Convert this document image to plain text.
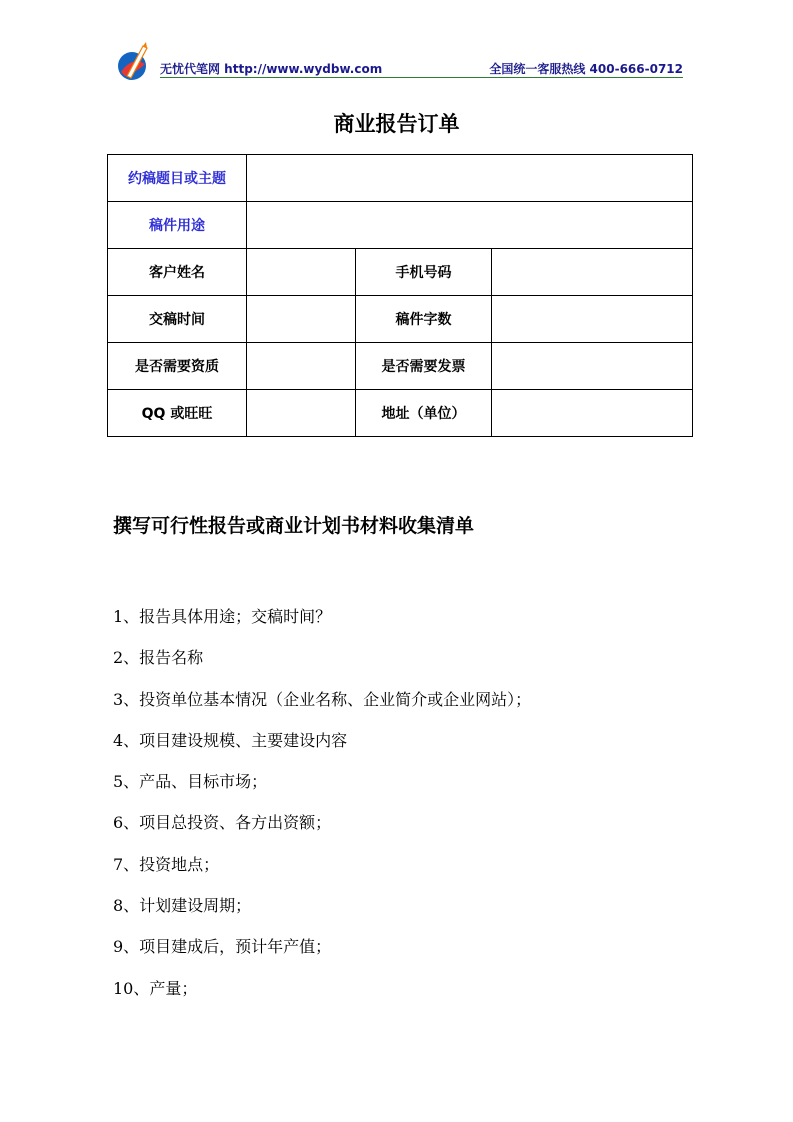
无忧代笔网 http://www.wydbw.com	全国统一客服热线 400-666-0712
商业报告订单
约稿题目或主题			
稿件用途			
客户姓名		手机号码	
交稿时间		稿件字数	
是否需要资质		是否需要发票	
QQ 或旺旺		地址（单位）	
撰写可行性报告或商业计划书材料收集清单
1、报告具体用途；交稿时间？
2、报告名称
3、投资单位基本情况（企业名称、企业简介或企业网站）；
4、项目建设规模、主要建设内容
5、产品、目标市场；
6、项目总投资、各方出资额；
7、投资地点；
8、计划建设周期；
9、项目建成后，预计年产值；
10、产量；
